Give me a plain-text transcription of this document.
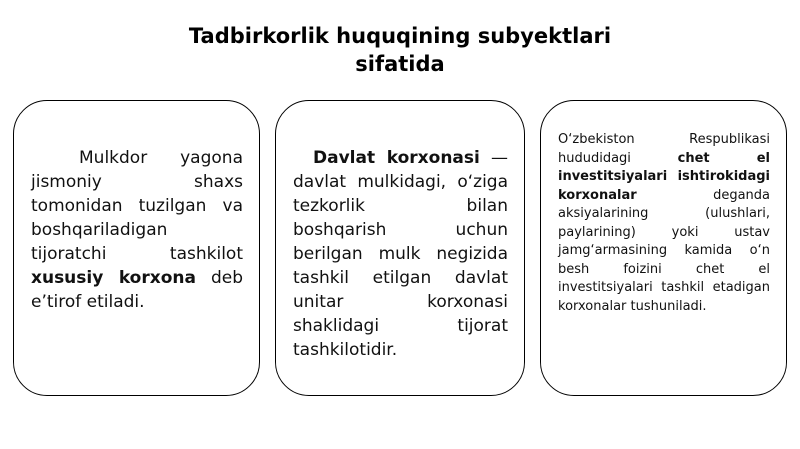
Tadbirkorlik huquqining subyektlari
sifatida

Mulkdor yagona jismoniy shaxs tomonidan tuzilgan va boshqariladigan tijoratchi tashkilot xususiy korxona deb e’tirof etiladi.

Davlat korxonasi — davlat mulkidagi, o‘ziga tezkorlik bilan boshqarish uchun berilgan mulk negizida tashkil etilgan davlat unitar korxonasi shaklidagi tijorat tashkilotidir.

O‘zbekiston Respublikasi hududidagi chet el investitsiyalari ishtirokidagi korxonalar deganda aksiyalarining (ulushlari, paylarining) yoki ustav jamg‘armasining kamida o‘n besh foizini chet el investitsiyalari tashkil etadigan korxonalar tushuniladi.
